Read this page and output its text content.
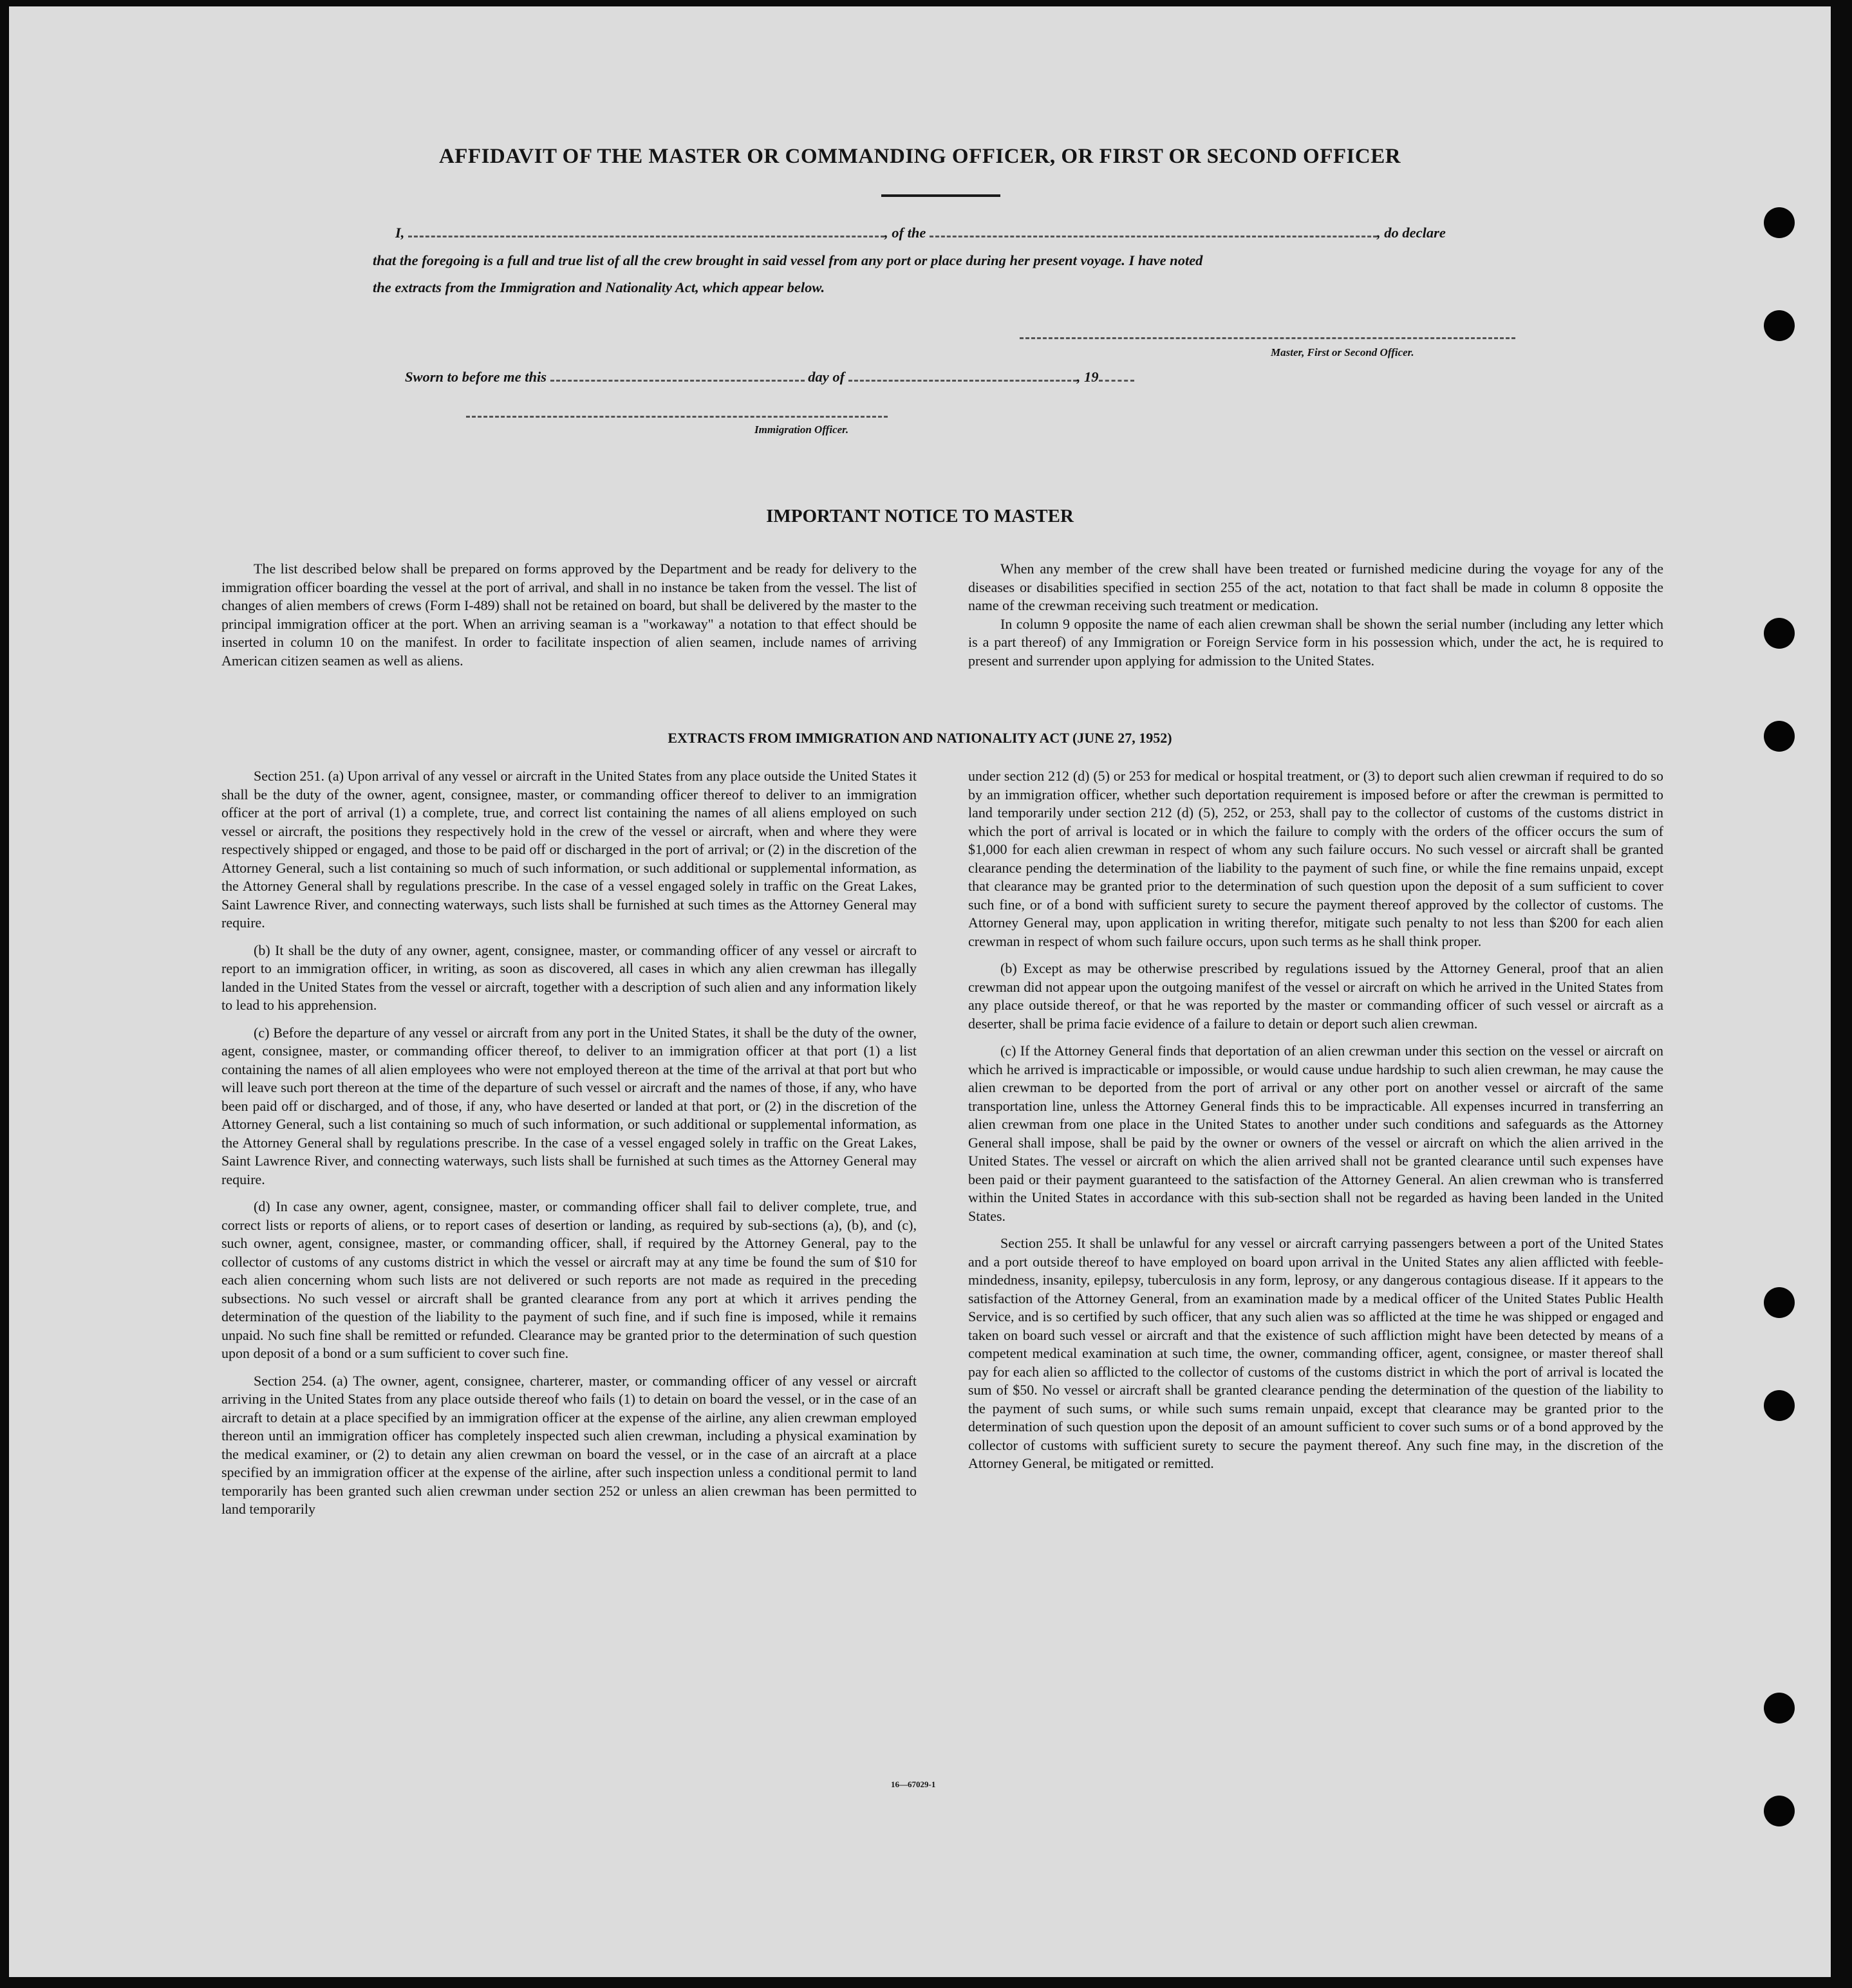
AFFIDAVIT OF THE MASTER OR COMMANDING OFFICER, OR FIRST OR SECOND OFFICER
I,	, of the	, do declare
that the foregoing is a full and true list of all the crew brought in said vessel from any port or place during her present voyage. I have noted
the extracts from the Immigration and Nationality Act, which appear below.
Master, First or Second Officer.
Sworn to before me this	day of	, 19
Immigration Officer.
IMPORTANT NOTICE TO MASTER

The list described below shall be prepared on forms approved by the Department and be ready for delivery to the immigration officer boarding the vessel at the port of arrival, and shall in no instance be taken from the vessel. The list of changes of alien members of crews (Form I-489) shall not be retained on board, but shall be delivered by the master to the principal immigration officer at the port. When an arriving seaman is a "workaway" a notation to that effect should be inserted in column 10 on the manifest. In order to facilitate inspection of alien seamen, include names of arriving American citizen seamen as well as aliens.

When any member of the crew shall have been treated or furnished medicine during the voyage for any of the diseases or disabilities specified in section 255 of the act, notation to that fact shall be made in column 8 opposite the name of the crewman receiving such treatment or medication.

In column 9 opposite the name of each alien crewman shall be shown the serial number (including any letter which is a part thereof) of any Immigration or Foreign Service form in his possession which, under the act, he is required to present and surrender upon applying for admission to the United States.

EXTRACTS FROM IMMIGRATION AND NATIONALITY ACT (JUNE 27, 1952)

Section 251. (a) Upon arrival of any vessel or aircraft in the United States from any place outside the United States it shall be the duty of the owner, agent, consignee, master, or commanding officer thereof to deliver to an immigration officer at the port of arrival (1) a complete, true, and correct list containing the names of all aliens employed on such vessel or aircraft, the positions they respectively hold in the crew of the vessel or aircraft, when and where they were respectively shipped or engaged, and those to be paid off or discharged in the port of arrival; or (2) in the discretion of the Attorney General, such a list containing so much of such information, or such additional or supplemental information, as the Attorney General shall by regulations prescribe. In the case of a vessel engaged solely in traffic on the Great Lakes, Saint Lawrence River, and connecting waterways, such lists shall be furnished at such times as the Attorney General may require.

(b) It shall be the duty of any owner, agent, consignee, master, or commanding officer of any vessel or aircraft to report to an immigration officer, in writing, as soon as discovered, all cases in which any alien crewman has illegally landed in the United States from the vessel or aircraft, together with a description of such alien and any information likely to lead to his apprehension.

(c) Before the departure of any vessel or aircraft from any port in the United States, it shall be the duty of the owner, agent, consignee, master, or commanding officer thereof, to deliver to an immigration officer at that port (1) a list containing the names of all alien employees who were not employed thereon at the time of the arrival at that port but who will leave such port thereon at the time of the departure of such vessel or aircraft and the names of those, if any, who have been paid off or discharged, and of those, if any, who have deserted or landed at that port, or (2) in the discretion of the Attorney General, such a list containing so much of such information, or such additional or supplemental information, as the Attorney General shall by regulations prescribe. In the case of a vessel engaged solely in traffic on the Great Lakes, Saint Lawrence River, and connecting waterways, such lists shall be furnished at such times as the Attorney General may require.

(d) In case any owner, agent, consignee, master, or commanding officer shall fail to deliver complete, true, and correct lists or reports of aliens, or to report cases of desertion or landing, as required by sub-sections (a), (b), and (c), such owner, agent, consignee, master, or commanding officer, shall, if required by the Attorney General, pay to the collector of customs of any customs district in which the vessel or aircraft may at any time be found the sum of $10 for each alien concerning whom such lists are not delivered or such reports are not made as required in the preceding subsections. No such vessel or aircraft shall be granted clearance from any port at which it arrives pending the determination of the question of the liability to the payment of such fine, and if such fine is imposed, while it remains unpaid. No such fine shall be remitted or refunded. Clearance may be granted prior to the determination of such question upon deposit of a bond or a sum sufficient to cover such fine.

Section 254. (a) The owner, agent, consignee, charterer, master, or commanding officer of any vessel or aircraft arriving in the United States from any place outside thereof who fails (1) to detain on board the vessel, or in the case of an aircraft to detain at a place specified by an immigration officer at the expense of the airline, any alien crewman employed thereon until an immigration officer has completely inspected such alien crewman, including a physical examination by the medical examiner, or (2) to detain any alien crewman on board the vessel, or in the case of an aircraft at a place specified by an immigration officer at the expense of the airline, after such inspection unless a conditional permit to land temporarily has been granted such alien crewman under section 252 or unless an alien crewman has been permitted to land temporarily

under section 212 (d) (5) or 253 for medical or hospital treatment, or (3) to deport such alien crewman if required to do so by an immigration officer, whether such deportation requirement is imposed before or after the crewman is permitted to land temporarily under section 212 (d) (5), 252, or 253, shall pay to the collector of customs of the customs district in which the port of arrival is located or in which the failure to comply with the orders of the officer occurs the sum of $1,000 for each alien crewman in respect of whom any such failure occurs. No such vessel or aircraft shall be granted clearance pending the determination of the liability to the payment of such fine, or while the fine remains unpaid, except that clearance may be granted prior to the determination of such question upon the deposit of a sum sufficient to cover such fine, or of a bond with sufficient surety to secure the payment thereof approved by the collector of customs. The Attorney General may, upon application in writing therefor, mitigate such penalty to not less than $200 for each alien crewman in respect of whom such failure occurs, upon such terms as he shall think proper.

(b) Except as may be otherwise prescribed by regulations issued by the Attorney General, proof that an alien crewman did not appear upon the outgoing manifest of the vessel or aircraft on which he arrived in the United States from any place outside thereof, or that he was reported by the master or commanding officer of such vessel or aircraft as a deserter, shall be prima facie evidence of a failure to detain or deport such alien crewman.

(c) If the Attorney General finds that deportation of an alien crewman under this section on the vessel or aircraft on which he arrived is impracticable or impossible, or would cause undue hardship to such alien crewman, he may cause the alien crewman to be deported from the port of arrival or any other port on another vessel or aircraft of the same transportation line, unless the Attorney General finds this to be impracticable. All expenses incurred in transferring an alien crewman from one place in the United States to another under such conditions and safeguards as the Attorney General shall impose, shall be paid by the owner or owners of the vessel or aircraft on which the alien arrived in the United States. The vessel or aircraft on which the alien arrived shall not be granted clearance until such expenses have been paid or their payment guaranteed to the satisfaction of the Attorney General. An alien crewman who is transferred within the United States in accordance with this sub-section shall not be regarded as having been landed in the United States.

Section 255. It shall be unlawful for any vessel or aircraft carrying passengers between a port of the United States and a port outside thereof to have employed on board upon arrival in the United States any alien afflicted with feeble-mindedness, insanity, epilepsy, tuberculosis in any form, leprosy, or any dangerous contagious disease. If it appears to the satisfaction of the Attorney General, from an examination made by a medical officer of the United States Public Health Service, and is so certified by such officer, that any such alien was so afflicted at the time he was shipped or engaged and taken on board such vessel or aircraft and that the existence of such affliction might have been detected by means of a competent medical examination at such time, the owner, commanding officer, agent, consignee, or master thereof shall pay for each alien so afflicted to the collector of customs of the customs district in which the port of arrival is located the sum of $50. No vessel or aircraft shall be granted clearance pending the determination of the question of the liability to the payment of such sums, or while such sums remain unpaid, except that clearance may be granted prior to the determination of such question upon the deposit of an amount sufficient to cover such sums or of a bond approved by the collector of customs with sufficient surety to secure the payment thereof. Any such fine may, in the discretion of the Attorney General, be mitigated or remitted.

16—67029-1
